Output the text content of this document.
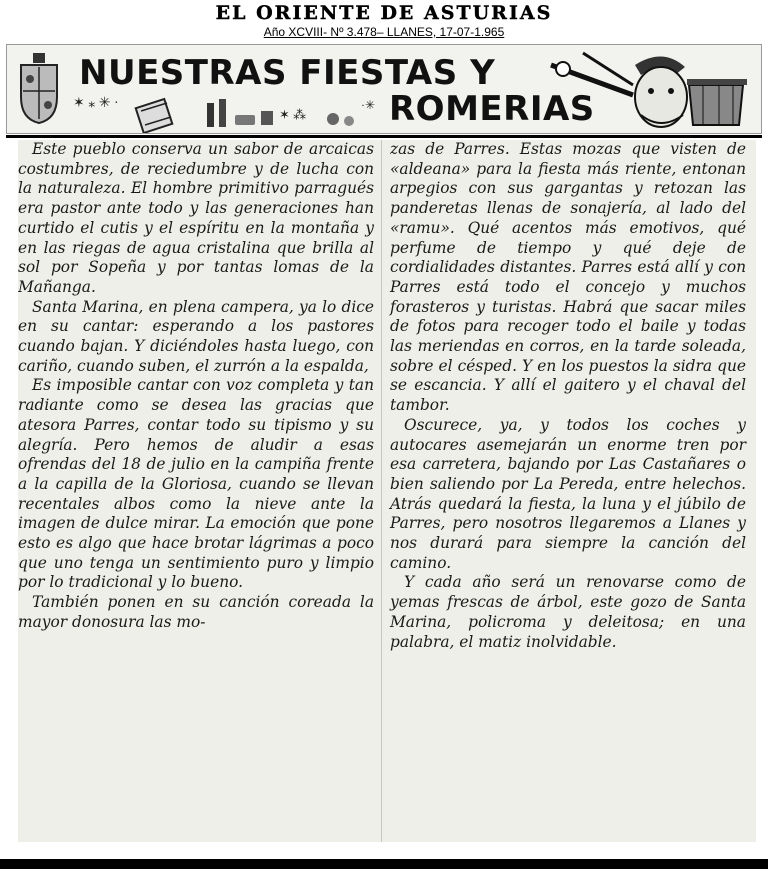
EL ORIENTE DE ASTURIAS
Año XCVIII- Nº 3.478– LLANES, 17-07-1.965
NUESTRAS FIESTAS Y
ROMERIAS
✶ ⁎ ✳ ·
✶ ⁂
·✳

Este pueblo conserva un sabor de arcaicas costumbres, de reciedumbre y de lucha con la naturaleza. El hombre primitivo parragués era pastor ante todo y las generaciones han curtido el cutis y el espíritu en la montaña y en las riegas de agua cristalina que brilla al sol por Sopeña y por tantas lomas de la Mañanga.

Santa Marina, en plena campera, ya lo dice en su cantar: esperando a los pastores cuando bajan. Y diciéndoles hasta luego, con cariño, cuando suben, el zurrón a la espalda,

Es imposible cantar con voz completa y tan radiante como se desea las gracias que atesora Parres, contar todo su tipismo y su alegría. Pero hemos de aludir a esas ofrendas del 18 de julio en la campiña frente a la capilla de la Gloriosa, cuando se llevan recentales albos como la nieve ante la imagen de dulce mirar. La emoción que pone esto es algo que hace brotar lágrimas a poco que uno tenga un sentimiento puro y limpio por lo tradicional y lo bueno.

También ponen en su canción coreada la mayor donosura las mo-

zas de Parres. Estas mozas que visten de «aldeana» para la fiesta más riente, entonan arpegios con sus gargantas y retozan las panderetas llenas de sonajería, al lado del «ramu». Qué acentos más emotivos, qué perfume de tiempo y qué deje de cordialidades distantes. Parres está allí y con Parres está todo el concejo y muchos forasteros y turistas. Habrá que sacar miles de fotos para recoger todo el baile y todas las meriendas en corros, en la tarde soleada, sobre el césped. Y en los puestos la sidra que se escancia. Y allí el gaitero y el chaval del tambor.

Oscurece, ya, y todos los coches y autocares asemejarán un enorme tren por esa carretera, bajando por Las Castañares o bien saliendo por La Pereda, entre helechos. Atrás quedará la fiesta, la luna y el júbilo de Parres, pero nosotros llegaremos a Llanes y nos durará para siempre la canción del camino.

Y cada año será un renovarse como de yemas frescas de árbol, este gozo de Santa Marina, policroma y deleitosa; en una palabra, el matiz inolvidable.
